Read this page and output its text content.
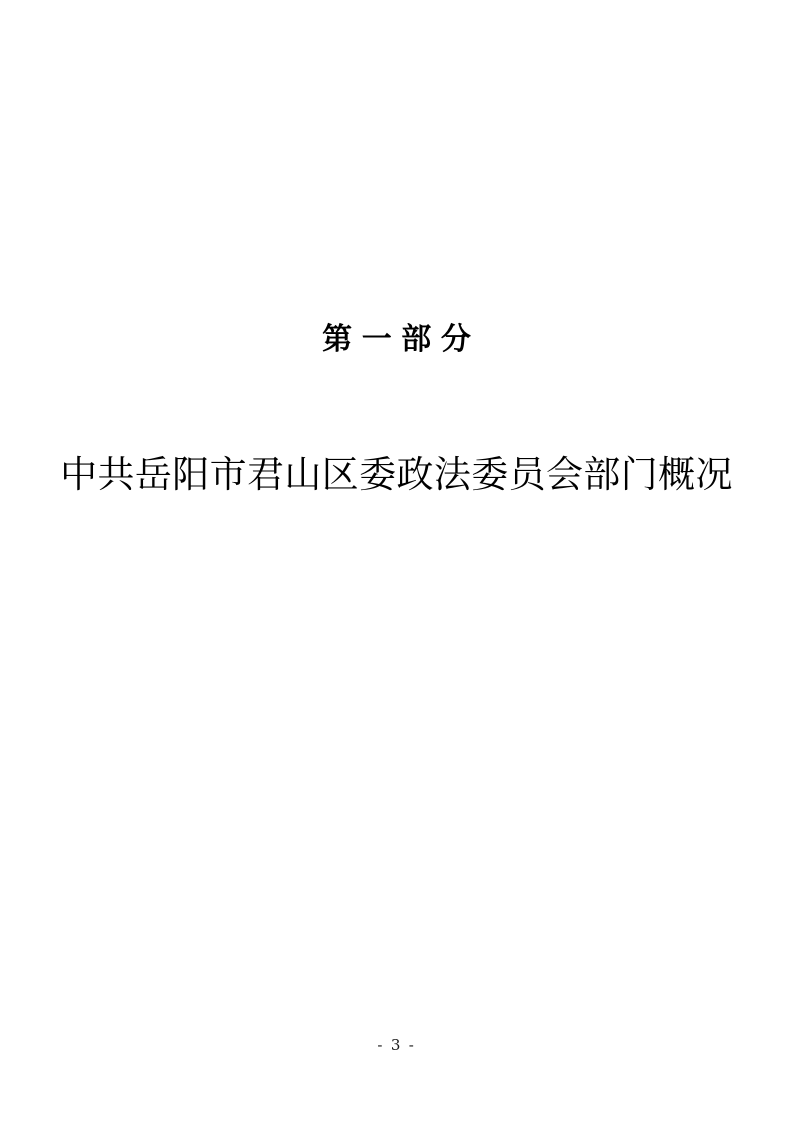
第一部分
中共岳阳市君山区委政法委员会部门概况
- 3 -
